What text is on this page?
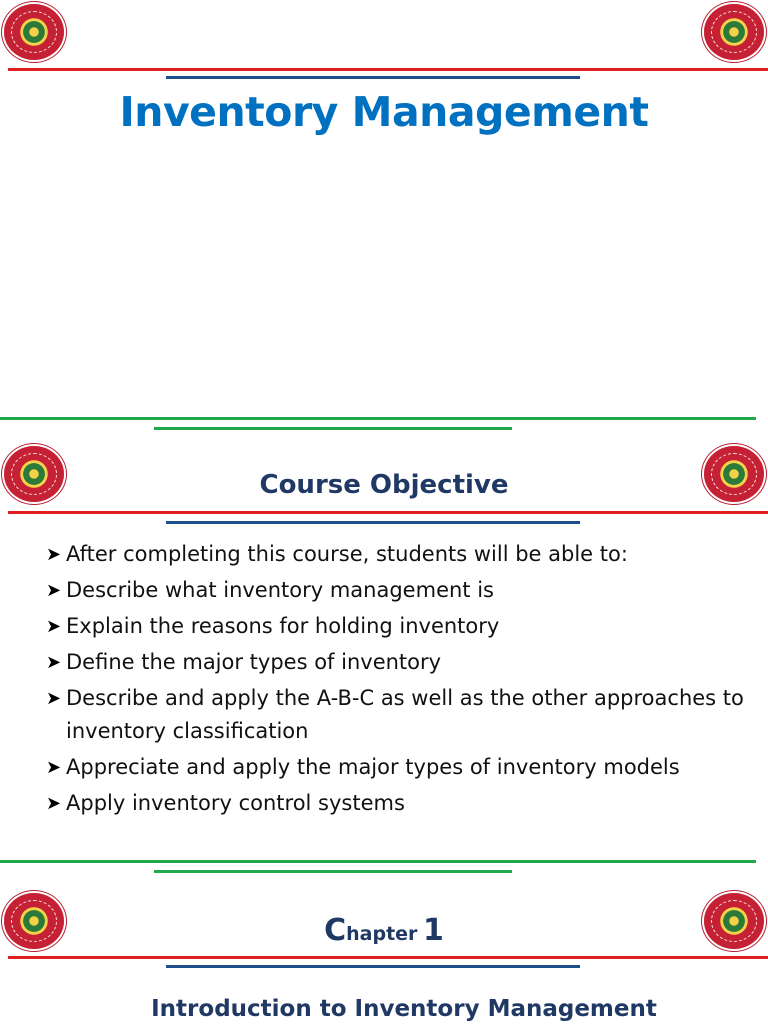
Inventory Management
Course Objective
➤ After completing this course, students will be able to:
➤ Describe what inventory management is
➤ Explain the reasons for holding inventory
➤ Define the major types of inventory
➤ Describe and apply the A-B-C as well as the other approaches to inventory classification
➤ Appreciate and apply the major types of inventory models
➤ Apply inventory control systems
Chapter 1
Introduction to Inventory Management
